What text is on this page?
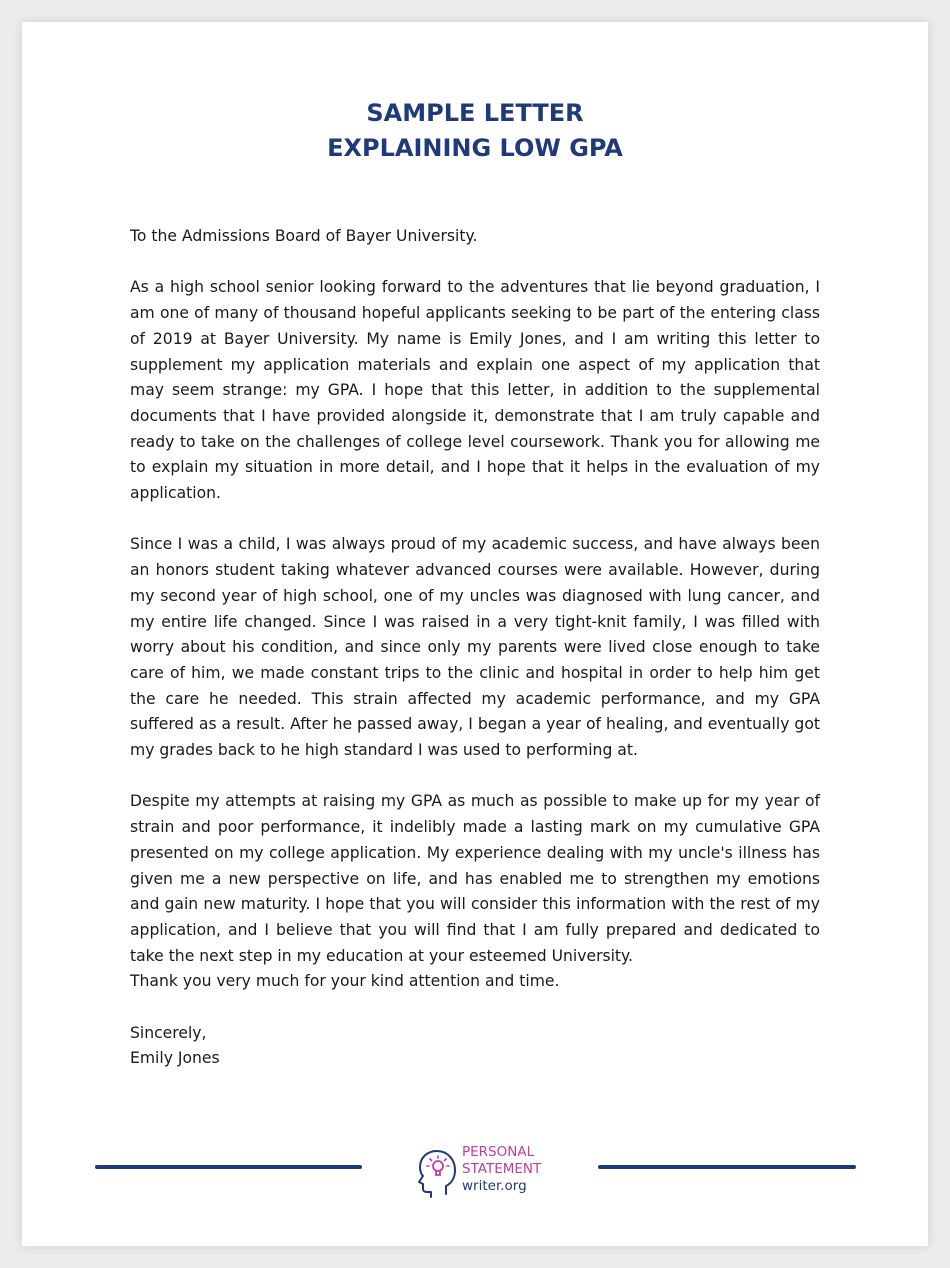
SAMPLE LETTER
EXPLAINING LOW GPA

To the Admissions Board of Bayer University.

As a high school senior looking forward to the adventures that lie beyond graduation, I am one of many of thousand hopeful applicants seeking to be part of the entering class of 2019 at Bayer University. My name is Emily Jones, and I am writing this letter to supplement my application materials and explain one aspect of my application that may seem strange: my GPA. I hope that this letter, in addition to the supplemental documents that I have provided alongside it, demonstrate that I am truly capable and ready to take on the challenges of college level coursework. Thank you for allowing me to explain my situation in more detail, and I hope that it helps in the evaluation of my application.

Since I was a child, I was always proud of my academic success, and have always been an honors student taking whatever advanced courses were available. However, during my second year of high school, one of my uncles was diagnosed with lung cancer, and my entire life changed. Since I was raised in a very tight-knit family, I was filled with worry about his condition, and since only my parents were lived close enough to take care of him, we made constant trips to the clinic and hospital in order to help him get the care he needed. This strain affected my academic performance, and my GPA suffered as a result. After he passed away, I began a year of healing, and eventually got my grades back to he high standard I was used to performing at.

Despite my attempts at raising my GPA as much as possible to make up for my year of strain and poor performance, it indelibly made a lasting mark on my cumulative GPA presented on my college application. My experience dealing with my uncle's illness has given me a new perspective on life, and has enabled me to strengthen my emotions and gain new maturity. I hope that you will consider this information with the rest of my application, and I believe that you will find that I am fully prepared and dedicated to take the next step in my education at your esteemed University.

Thank you very much for your kind attention and time.

Sincerely,

Emily Jones

PERSONAL
STATEMENT
writer.org
